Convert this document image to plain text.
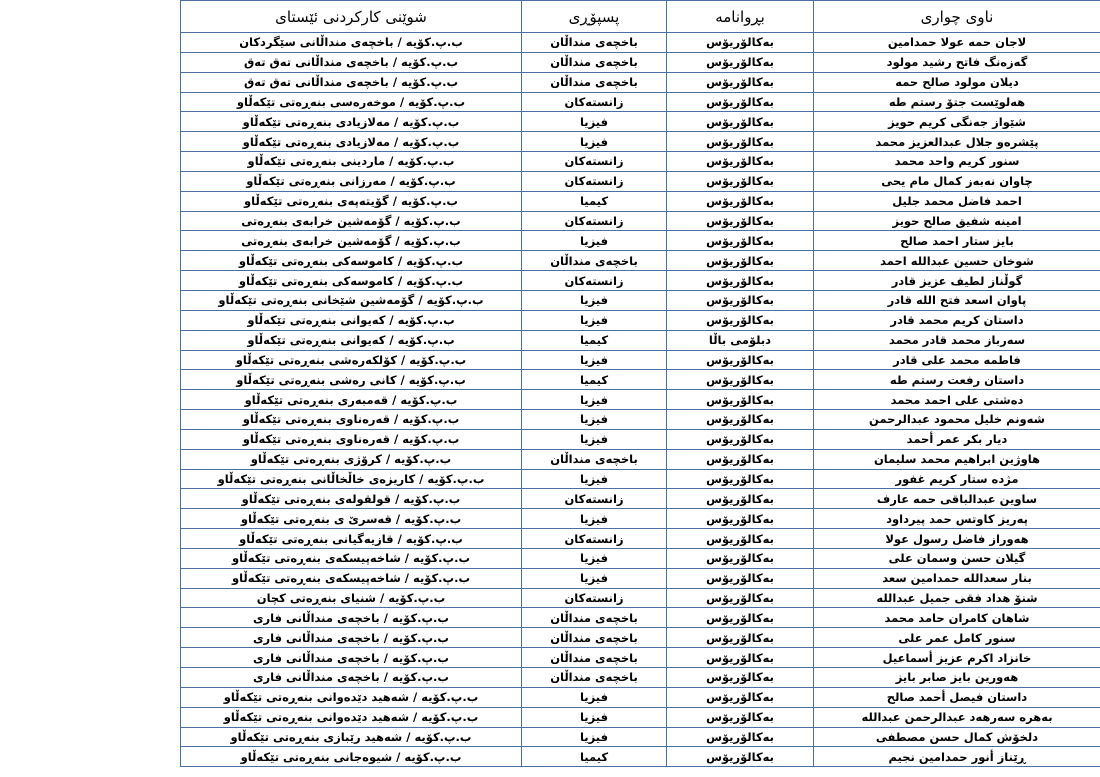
ناوی چواری	بڕوانامە	پسپۆڕی	شوێنی کارکردنی ئێستای
لاجان حمه عولا حمدامین	بەکالۆریۆس	باخچەی منداڵان	ب.پ.کۆیە / باخچەی منداڵانی سێگردکان
گەزەنگ فاتح رشید مولود	بەکالۆریۆس	باخچەی منداڵان	ب.پ.کۆیە / باخچەی منداڵانی تەق تەق
دیلان مولود صالح حمه	بەکالۆریۆس	باخچەی منداڵان	ب.پ.کۆیە / باخچەی منداڵانی تەق تەق
هەلوێست جتۆ رستم طه	بەکالۆریۆس	زانستەکان	ب.پ.کۆیە / موخەرەسی بنەڕەتی تێکەڵاو
شێواز جەنگی کریم حویز	بەکالۆریۆس	فیزیا	ب.پ.کۆیە / مەلازیادی بنەڕەتی تێکەڵاو
پێشرەو جلال عبدالعزیز محمد	بەکالۆریۆس	فیزیا	ب.پ.کۆیە / مەلازیادی بنەڕەتی تێکەڵاو
سنور کریم واحد محمد	بەکالۆریۆس	زانستەکان	ب.پ.کۆیە / ماردینی بنەڕەتی تێکەڵاو
چاوان نەبەز کمال مام یحی	بەکالۆریۆس	زانستەکان	ب.پ.کۆیە / مەرزانی بنەڕەتی تێکەڵاو
احمد فاضل محمد جلیل	بەکالۆریۆس	کیمیا	ب.پ.کۆیە / گۆیتەپەی بنەڕەتی تێکەڵاو
امینه شفیق صالح حویز	بەکالۆریۆس	زانستەکان	ب.پ.کۆیە / گۆمەشین خرابەی بنەڕەتی
بایز ستار احمد صالح	بەکالۆریۆس	فیزیا	ب.پ.کۆیە / گۆمەشین خرابەی بنەڕەتی
شوخان حسین عبدالله احمد	بەکالۆریۆس	باخچەی منداڵان	ب.پ.کۆیە / کاموسەکی بنەڕەتی تێکەڵاو
گوڵناز لطیف عزیز قادر	بەکالۆریۆس	زانستەکان	ب.پ.کۆیە / کاموسەکی بنەڕەتی تێکەڵاو
پاوان اسعد فتح الله قادر	بەکالۆریۆس	فیزیا	ب.پ.کۆیە / گۆمەشین شێخانی بنەڕەتی تێکەڵاو
داستان کریم محمد قادر	بەکالۆریۆس	فیزیا	ب.پ.کۆیە / کەیوانی بنەڕەتی تێکەڵاو
سەرباز محمد قادر محمد	دبلۆمی باڵا	کیمیا	ب.پ.کۆیە / کەیوانی بنەڕەتی تێکەڵاو
فاطمه محمد علی قادر	بەکالۆریۆس	فیزیا	ب.پ.کۆیە / کۆلکەرەشی بنەڕەتی تێکەڵاو
داستان رفعت رستم طه	بەکالۆریۆس	کیمیا	ب.پ.کۆیە / کانی رەشی بنەڕەتی تێکەڵاو
دەشتی علی احمد محمد	بەکالۆریۆس	فیزیا	ب.پ.کۆیە / قەمبەری بنەڕەتی تێکەڵاو
شەونم خلیل محمود عبدالرحمن	بەکالۆریۆس	فیزیا	ب.پ.کۆیە / قەرەناوی بنەڕەتی تێکەڵاو
دیار بکر عمر أحمد	بەکالۆریۆس	فیزیا	ب.پ.کۆیە / قەرەناوی بنەڕەتی تێکەڵاو
هاوژین ابراهیم محمد سلیمان	بەکالۆریۆس	باخچەی منداڵان	ب.پ.کۆیە / کرۆژی بنەڕەتی تێکەڵاو
مژدە ستار کریم غفور	بەکالۆریۆس	فیزیا	ب.پ.کۆیە / کاریزەی خاڵخاڵانی بنەڕەتی تێکەڵاو
ساوین عبدالباقی حمه عارف	بەکالۆریۆس	زانستەکان	ب.پ.کۆیە / قولقولەی بنەڕەتی تێکەڵاو
پەریز کاوتس حمد پیرداود	بەکالۆریۆس	فیزیا	ب.پ.کۆیە / قەسرێ ی بنەڕەتی تێکەڵاو
هەوراز فاضل رسول عولا	بەکالۆریۆس	زانستەکان	ب.پ.کۆیە / قازیەگیانی بنەڕەتی تێکەڵاو
گیلان حسن وسمان علی	بەکالۆریۆس	فیزیا	ب.پ.کۆیە / شاخەپیسکەی بنەڕەتی تێکەڵاو
بنار سعدالله حمدامین سعد	بەکالۆریۆس	فیزیا	ب.پ.کۆیە / شاخەپیسکەی بنەڕەتی تێکەڵاو
شنۆ هداد فقی جمیل عبدالله	بەکالۆریۆس	زانستەکان	ب.پ.کۆیە / شنیای بنەڕەتی کچان
شاهان کامران حامد محمد	بەکالۆریۆس	باخچەی منداڵان	ب.پ.کۆیە / باخچەی منداڵانی فاری
سنور کامل عمر علی	بەکالۆریۆس	باخچەی منداڵان	ب.پ.کۆیە / باخچەی منداڵانی فاری
خانزاد اکرم عزیز أسماعیل	بەکالۆریۆس	باخچەی منداڵان	ب.پ.کۆیە / باخچەی منداڵانی فاری
هەورین بایز صابر بایز	بەکالۆریۆس	باخچەی منداڵان	ب.پ.کۆیە / باخچەی منداڵانی فاری
داستان فیصل أحمد صالح	بەکالۆریۆس	فیزیا	ب.پ.کۆیە / شەهید دێدەوانی بنەڕەتی تێکەڵاو
بەهرە سەرهەد عبدالرحمن عبدالله	بەکالۆریۆس	فیزیا	ب.پ.کۆیە / شەهید دێدەوانی بنەڕەتی تێکەڵاو
دلخۆش کمال حسن مصطفی	بەکالۆریۆس	فیزیا	ب.پ.کۆیە / شەهید رێبازی بنەڕەتی تێکەڵاو
ڕێناز أنور حمدامین نجیم	بەکالۆریۆس	کیمیا	ب.پ.کۆیە / شیوەجانی بنەڕەتی تێکەڵاو
